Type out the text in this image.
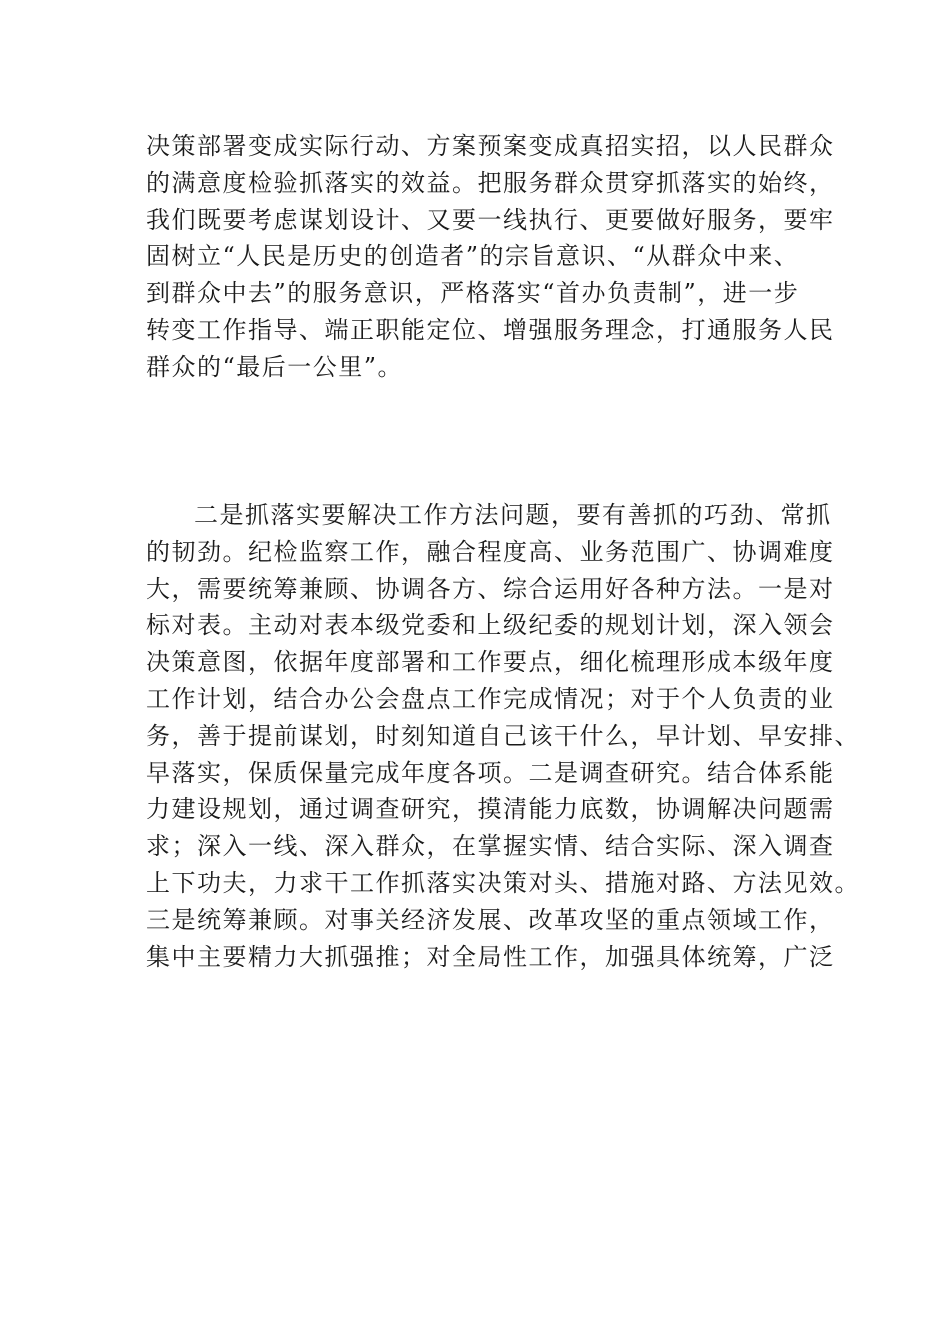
决策部署变成实际行动、方案预案变成真招实招，以人民群众
的满意度检验抓落实的效益。把服务群众贯穿抓落实的始终，
我们既要考虑谋划设计、又要一线执行、更要做好服务，要牢
固树立“人民是历史的创造者”的宗旨意识、“从群众中来、
到群众中去”的服务意识，严格落实“首办负责制”，进一步
转变工作指导、端正职能定位、增强服务理念，打通服务人民
群众的“最后一公里”。
二是抓落实要解决工作方法问题，要有善抓的巧劲、常抓
的韧劲。纪检监察工作，融合程度高、业务范围广、协调难度
大，需要统筹兼顾、协调各方、综合运用好各种方法。一是对
标对表。主动对表本级党委和上级纪委的规划计划，深入领会
决策意图，依据年度部署和工作要点，细化梳理形成本级年度
工作计划，结合办公会盘点工作完成情况；对于个人负责的业
务，善于提前谋划，时刻知道自己该干什么，早计划、早安排、
早落实，保质保量完成年度各项。二是调查研究。结合体系能
力建设规划，通过调查研究，摸清能力底数，协调解决问题需
求；深入一线、深入群众，在掌握实情、结合实际、深入调查
上下功夫，力求干工作抓落实决策对头、措施对路、方法见效。
三是统筹兼顾。对事关经济发展、改革攻坚的重点领域工作，
集中主要精力大抓强推；对全局性工作，加强具体统筹，广泛
